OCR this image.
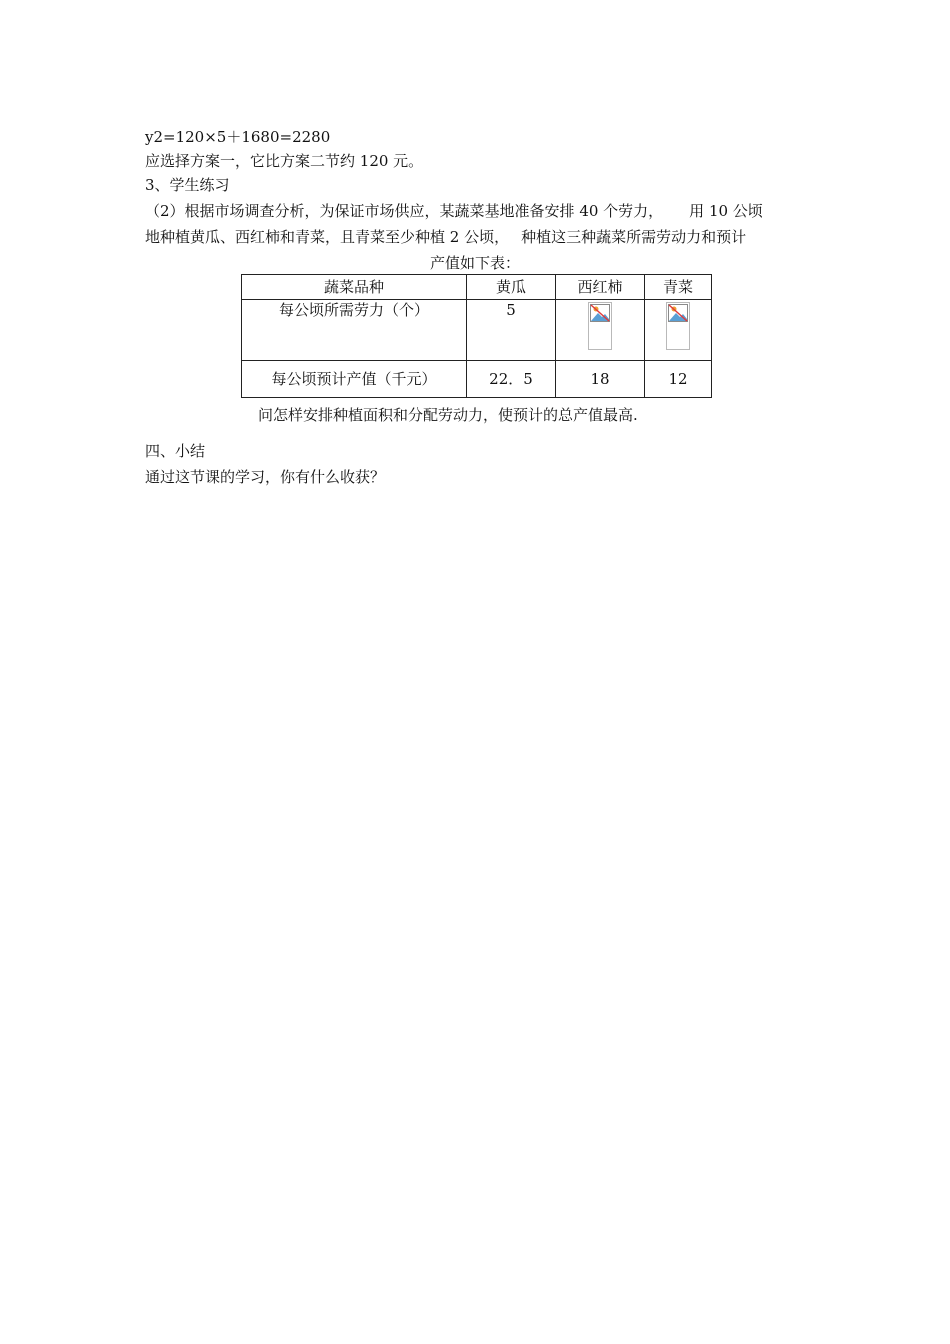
y2=120×5＋1680=2280
应选择方案一，它比方案二节约 120 元。
3、学生练习
（2）根据市场调查分析，为保证市场供应，某蔬菜基地准备安排 40 个劳力， 用 10 公顷
地种植黄瓜、西红柿和青菜，且青菜至少种植 2 公顷， 种植这三种蔬菜所需劳动力和预计
产值如下表：
蔬菜品种	黄瓜	西红柿	青菜
每公顷所需劳力（个）	5	

每公顷预计产值（千元）	22．5	18	12
问怎样安排种植面积和分配劳动力，使预计的总产值最高.
四、小结
通过这节课的学习，你有什么收获？
